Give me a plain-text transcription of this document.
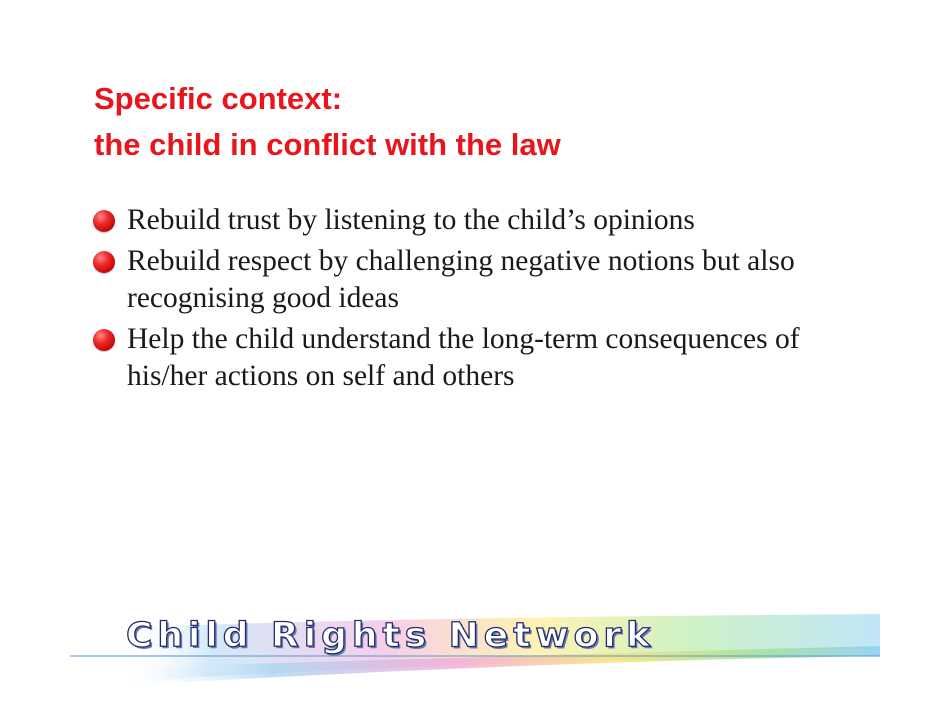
Specific context:
the child in conflict with the law
Rebuild trust by listening to the child’s opinions
Rebuild respect by challenging negative notions but also recognising good ideas
Help the child understand the long-term consequences of his/her actions on self and others
Child Rights Network
